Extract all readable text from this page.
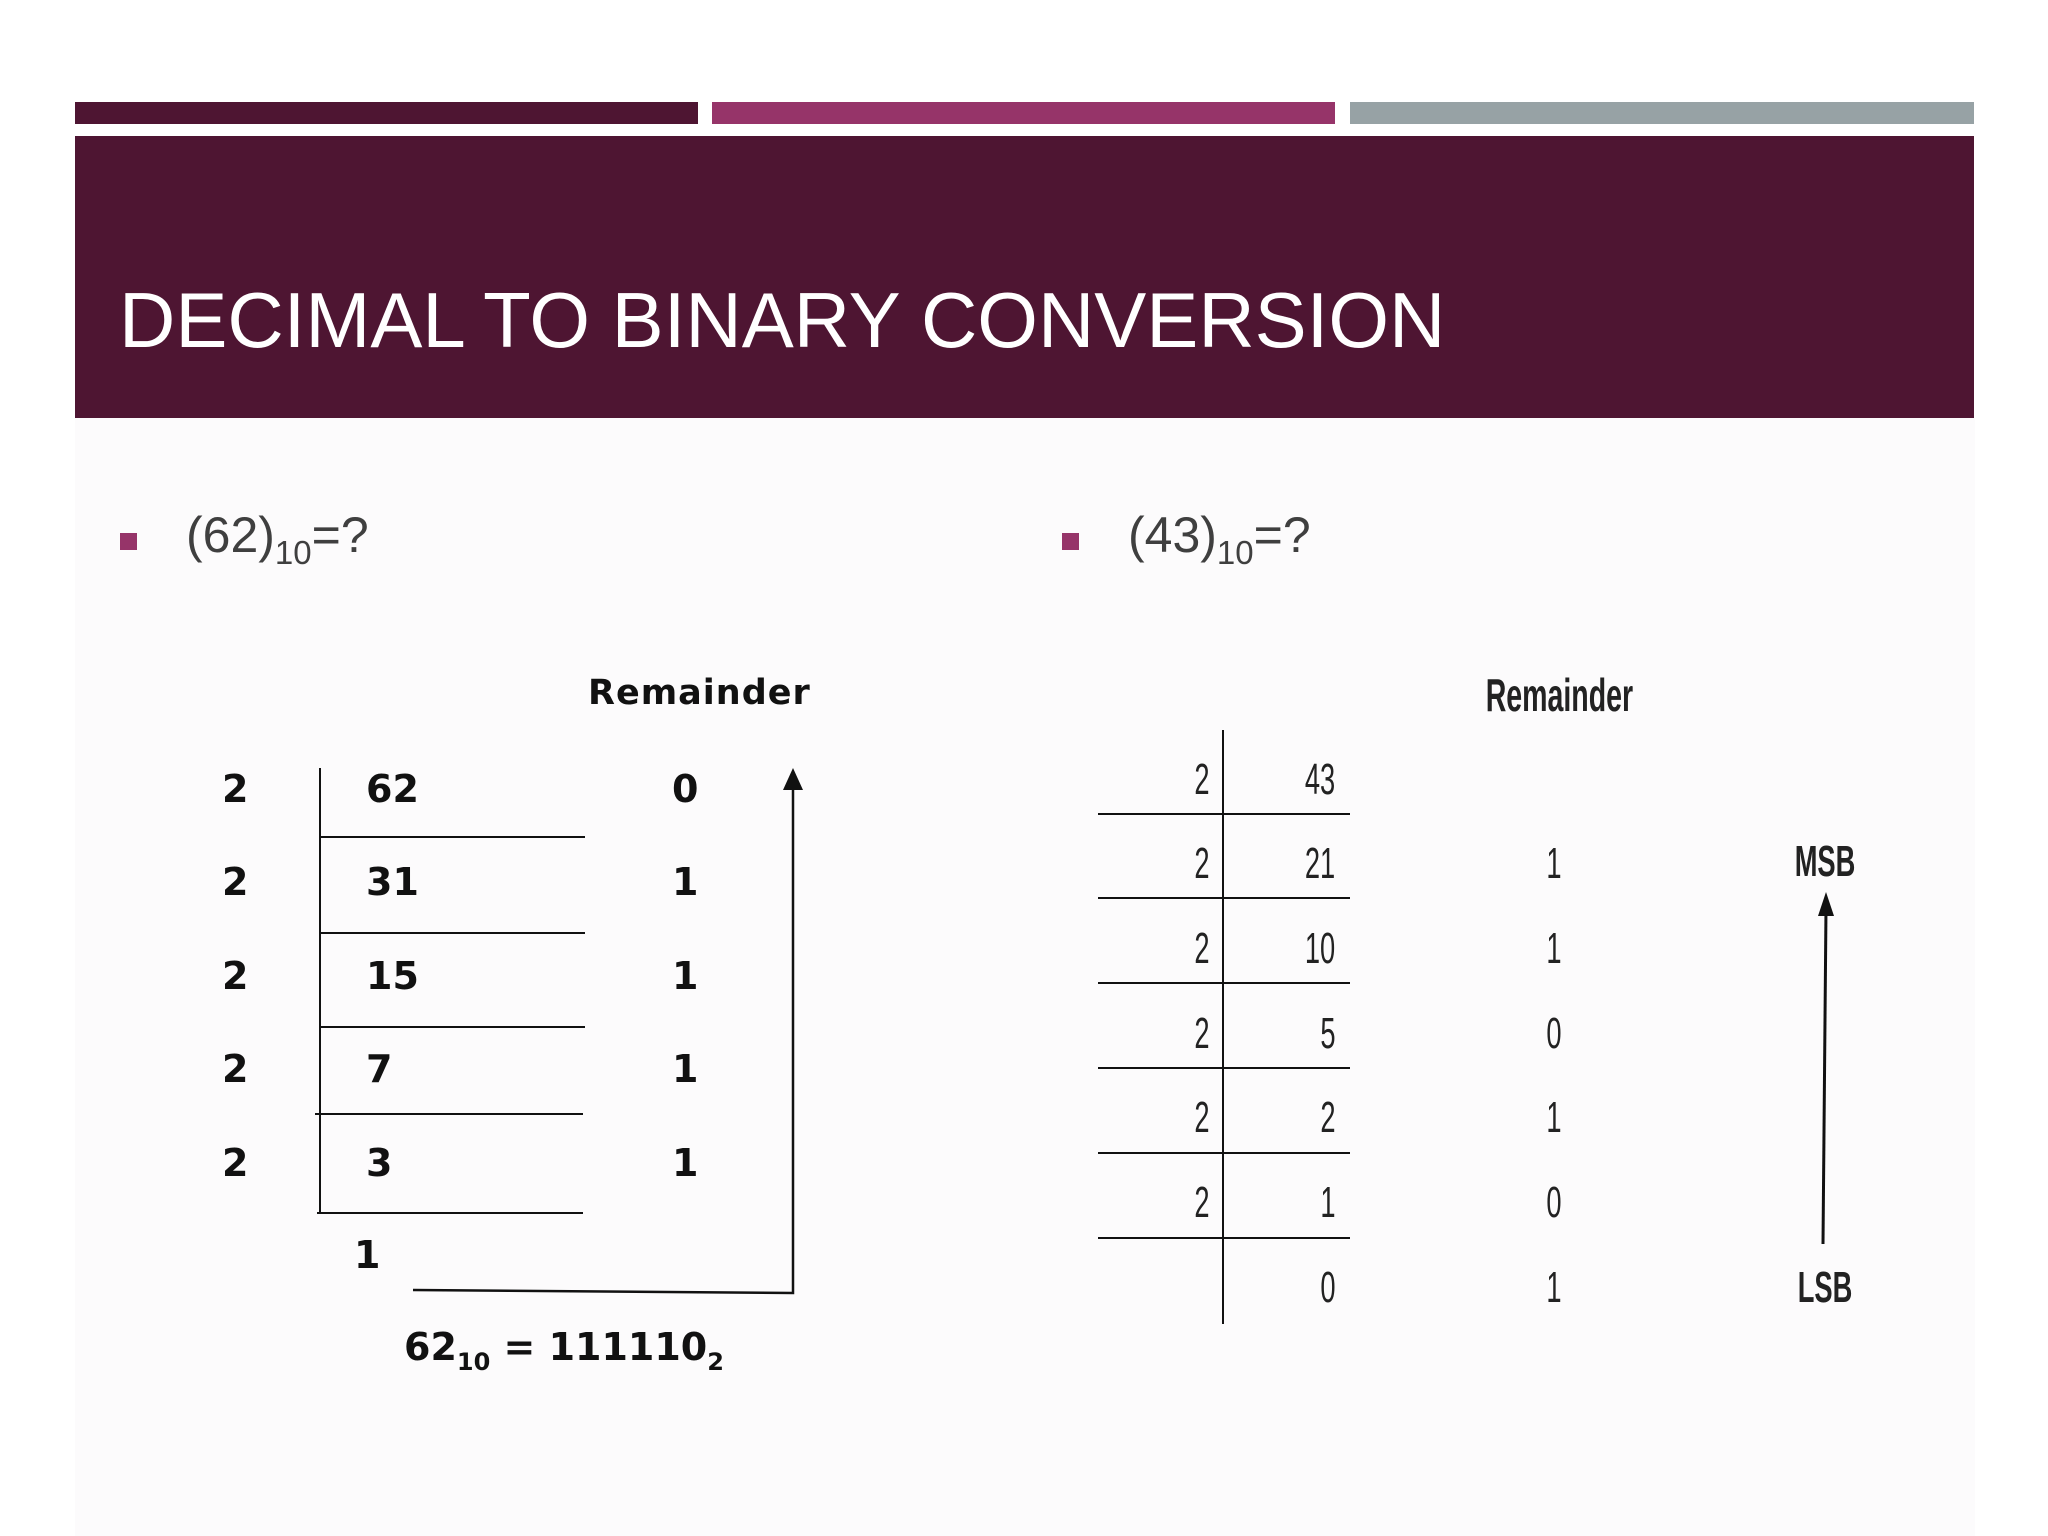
DECIMAL TO BINARY CONVERSION
$(62)_{10}=$?	$(43)_{10}=$?
Remainder
2	62	0
2	31	1
2	15	1
2	7	1
2	3	1
1
$62_{10} = 111110_2$
Remainder
2 43
2 21	1
2 10	1
2	5	0
2	2	1
2	1	0
0	1
MSB
LSB
